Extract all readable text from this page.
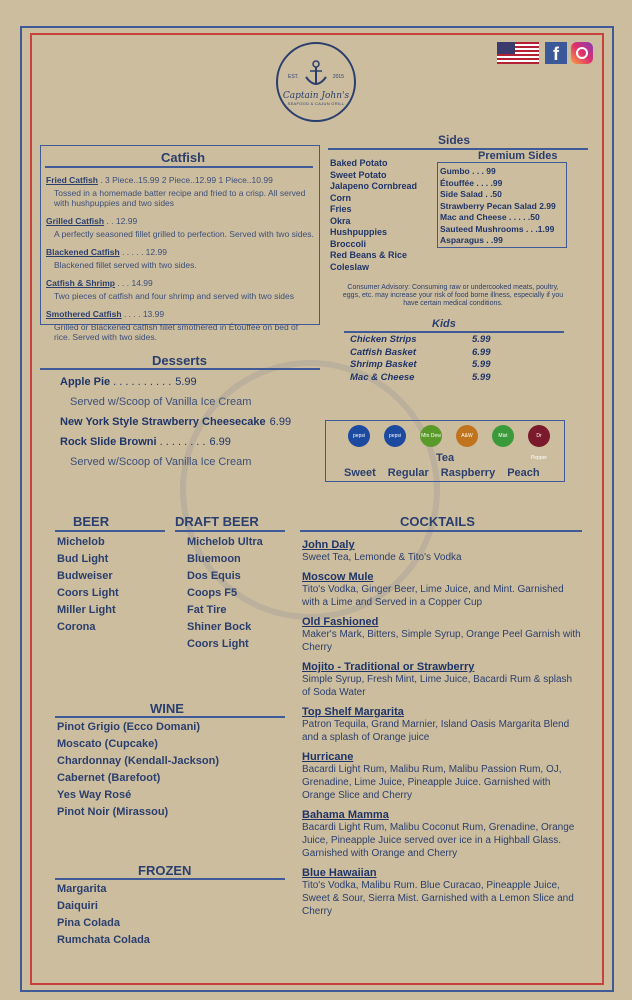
EST.	2015
Captain John's
SEAFOOD & CAJUN GRILL
f
Catfish
Fried Catfish . 3 Piece..15.99 2 Piece..12.99 1 Piece..10.99
Tossed in a homemade batter recipe and fried to a crisp. All served with hushpuppies and two sides
Grilled Catfish . . 12.99
A perfectly seasoned fillet grilled to perfection. Served with two sides.
Blackened Catfish . . . . . 12.99
Blackened fillet served with two sides.
Catfish & Shrimp . . . 14.99
Two pieces of catfish and four shrimp and served with two sides
Smothered Catfish . . . . 13.99
Grilled or Blackened catfish fillet smothered in Étouffée on bed of rice. Served with two sides.
Sides
Baked Potato
Sweet Potato
Jalapeno Cornbread
Corn
Fries
Okra
Hushpuppies
Broccoli
Red Beans & Rice
Coleslaw
Premium Sides
Gumbo . . . 99
Étouffée . . . .99
Side Salad . .50
Strawberry Pecan Salad 2.99
Mac and Cheese . . . . .50
Sauteed Mushrooms . . .1.99
Asparagus . .99
Consumer Advisory: Consuming raw or undercooked meats, poultry, eggs, etc. may increase your risk of food borne illness, especially if you have certain medical conditions.
Kids
Chicken Strips	5.99
Catfish Basket	6.99
Shrimp Basket	5.99
Mac & Cheese	5.99
Desserts
Apple Pie . . . . . . . . . . 5.99
Served w/Scoop of Vanilla Ice Cream
New York Style Strawberry Cheesecake 6.99
Rock Slide Browni . . . . . . . . 6.99
Served w/Scoop of Vanilla Ice Cream
pepsi	pepsi	Mtn Dew	A&W	Mist	Dr Pepper
Tea
Sweet Regular Raspberry Peach
BEER
Michelob
Bud Light
Budweiser
Coors Light
Miller Light
Corona
DRAFT BEER
Michelob Ultra
Bluemoon
Dos Equis
Coops F5
Fat Tire
Shiner Bock
Coors Light
WINE
Pinot Grigio (Ecco Domani)
Moscato (Cupcake)
Chardonnay (Kendall-Jackson)
Cabernet (Barefoot)
Yes Way Rosé
Pinot Noir (Mirassou)
FROZEN
Margarita
Daiquiri
Pina Colada
Rumchata Colada
COCKTAILS
John Daly
Sweet Tea, Lemonde & Tito's Vodka
Moscow Mule
Tito's Vodka, Ginger Beer, Lime Juice, and Mint. Garnished with a Lime and Served in a Copper Cup
Old Fashioned
Maker's Mark, Bitters, Simple Syrup, Orange Peel Garnish with Cherry
Mojito - Traditional or Strawberry
Simple Syrup, Fresh Mint, Lime Juice, Bacardi Rum & splash of Soda Water
Top Shelf Margarita
Patron Tequila, Grand Marnier, Island Oasis Margarita Blend and a splash of Orange juice
Hurricane
Bacardi Light Rum, Malibu Rum, Malibu Passion Rum, OJ, Grenadine, Lime Juice, Pineapple Juice. Garnished with Orange Slice and Cherry
Bahama Mamma
Bacardi Light Rum, Malibu Coconut Rum, Grenadine, Orange Juice, Pineapple Juice served over ice in a Highball Glass. Garnished with Orange and Cherry
Blue Hawaiian
Tito's Vodka, Malibu Rum. Blue Curacao, Pineapple Juice, Sweet & Sour, Sierra Mist. Garnished with a Lemon Slice and Cherry
